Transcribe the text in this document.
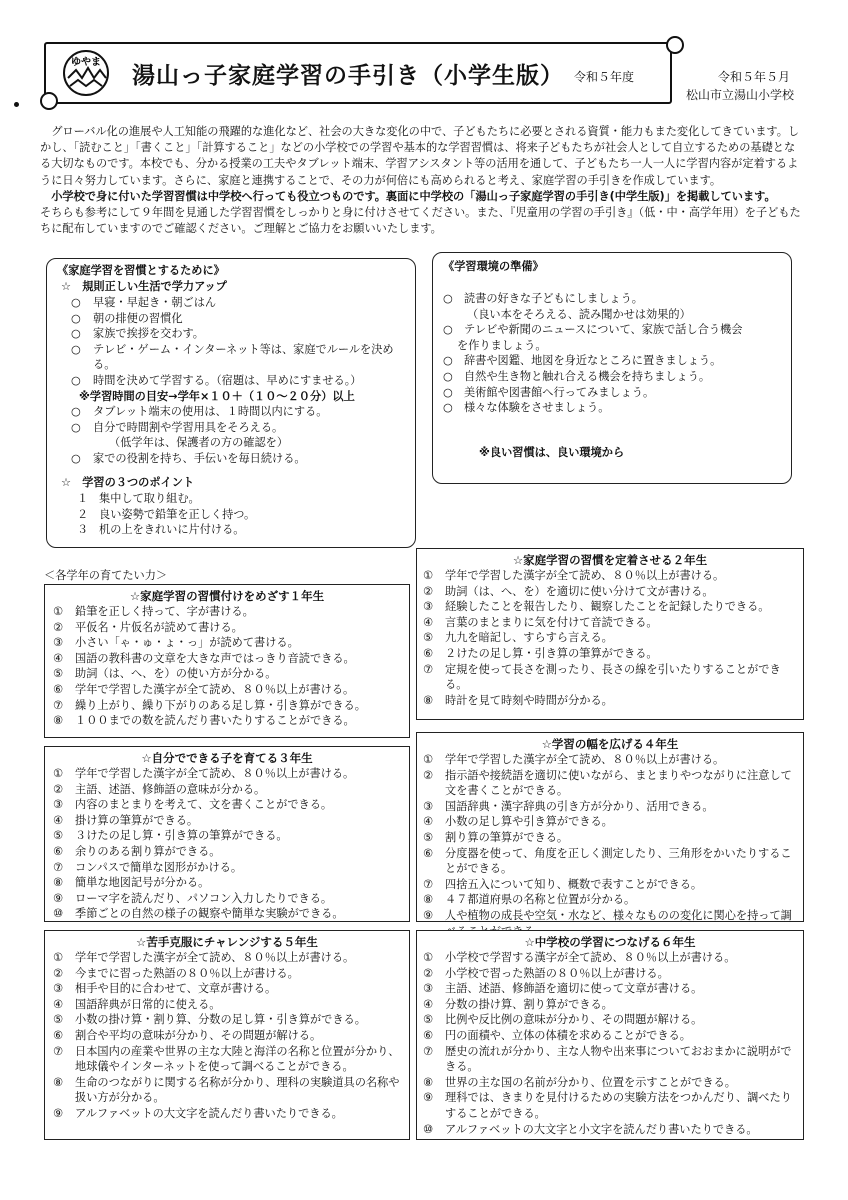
ゆやま
湯山っ子家庭学習の手引き（小学生版） 令和５年度	令和５年５月
松山市立湯山小学校

グローバル化の進展や人工知能の飛躍的な進化など、社会の大きな変化の中で、子どもたちに必要とされる資質・能力もまた変化してきています。しかし、「読むこと」「書くこと」「計算すること」などの小学校での学習や基本的な学習習慣は、将来子どもたちが社会人として自立するための基礎となる大切なものです。本校でも、分かる授業の工夫やタブレット端末、学習アシスタント等の活用を通して、子どもたち一人一人に学習内容が定着するように日々努力しています。さらに、家庭と連携することで、その力が何倍にも高められると考え、家庭学習の手引きを作成しています。

小学校で身に付いた学習習慣は中学校へ行っても役立つものです。裏面に中学校の「湯山っ子家庭学習の手引き(中学生版)」を掲載しています。

そちらも参考にして９年間を見通した学習習慣をしっかりと身に付けさせてください。また、『児童用の学習の手引き』（低・中・高学年用）を子どもたちに配布していますのでご確認ください。ご理解とご協力をお願いいたします。

《家庭学習を習慣とするために》
☆　規則正しい生活で学力アップ
○	早寝・早起き・朝ごはん
○	朝の排便の習慣化
○	家族で挨拶を交わす。
○	テレビ・ゲーム・インターネット等は、家庭でルールを決める。
○	時間を決めて学習する。（宿題は、早めにすませる。）
※学習時間の目安→学年×１０＋（１０～２０分）以上
○	タブレット端末の使用は、１時間以内にする。
○	自分で時間割や学習用具をそろえる。
（低学年は、保護者の方の確認を）
○	家での役割を持ち、手伝いを毎日続ける。
☆　学習の３つのポイント
１ 集中して取り組む。
２ 良い姿勢で鉛筆を正しく持つ。
３ 机の上をきれいに片付ける。
《学習環境の準備》
○　読書の好きな子どもにしましょう。
（良い本をそろえる、読み聞かせは効果的）
○　テレビや新聞のニュースについて、家族で話し合う機会
を作りましょう。
○　辞書や図鑑、地図を身近なところに置きましょう。
○　自然や生き物と触れ合える機会を持ちましょう。
○　美術館や図書館へ行ってみましょう。
○　様々な体験をさせましょう。
※良い習慣は、良い環境から
＜各学年の育てたい力＞
☆家庭学習の習慣付けをめざす１年生
①	鉛筆を正しく持って、字が書ける。
②	平仮名・片仮名が読めて書ける。
③	小さい「ゃ・ゅ・ょ・っ」が読めて書ける。
④	国語の教科書の文章を大きな声ではっきり音読できる。
⑤	助詞（は、へ、を）の使い方が分かる。
⑥	学年で学習した漢字が全て読め、８０％以上が書ける。
⑦	繰り上がり、繰り下がりのある足し算・引き算ができる。
⑧	１００までの数を読んだり書いたりすることができる。
☆家庭学習の習慣を定着させる２年生
①	学年で学習した漢字が全て読め、８０％以上が書ける。
②	助詞（は、へ、を）を適切に使い分けて文が書ける。
③	経験したことを報告したり、観察したことを記録したりできる。
④	言葉のまとまりに気を付けて音読できる。
⑤	九九を暗記し、すらすら言える。
⑥	２けたの足し算・引き算の筆算ができる。
⑦	定規を使って長さを測ったり、長さの線を引いたりすることができる。
⑧	時計を見て時刻や時間が分かる。
☆自分でできる子を育てる３年生
①	学年で学習した漢字が全て読め、８０％以上が書ける。
②	主語、述語、修飾語の意味が分かる。
③	内容のまとまりを考えて、文を書くことができる。
④	掛け算の筆算ができる。
⑤	３けたの足し算・引き算の筆算ができる。
⑥	余りのある割り算ができる。
⑦	コンパスで簡単な図形がかける。
⑧	簡単な地図記号が分かる。
⑨	ローマ字を読んだり、パソコン入力したりできる。
⑩	季節ごとの自然の様子の観察や簡単な実験ができる。
☆学習の幅を広げる４年生
①	学年で学習した漢字が全て読め、８０％以上が書ける。
②	指示語や接続語を適切に使いながら、まとまりやつながりに注意して文を書くことができる。
③	国語辞典・漢字辞典の引き方が分かり、活用できる。
④	小数の足し算や引き算ができる。
⑤	割り算の筆算ができる。
⑥	分度器を使って、角度を正しく測定したり、三角形をかいたりすることができる。
⑦	四捨五入について知り、概数で表すことができる。
⑧	４７都道府県の名称と位置が分かる。
⑨	人や植物の成長や空気・水など、様々なものの変化に関心を持って調
☆苦手克服にチャレンジする５年生
①	学年で学習した漢字が全て読め、８０％以上が書ける。
②	今までに習った熟語の８０％以上が書ける。
③	相手や目的に合わせて、文章が書ける。
④	国語辞典が日常的に使える。
⑤	小数の掛け算・割り算、分数の足し算・引き算ができる。
⑥	割合や平均の意味が分かり、その問題が解ける。
⑦	日本国内の産業や世界の主な大陸と海洋の名称と位置が分かり、地球儀やインターネットを使って調べることができる。
⑧	生命のつながりに関する名称が分かり、理科の実験道具の名称や扱い方が分かる。
⑨	アルファベットの大文字を読んだり書いたりできる。
☆中学校の学習につなげる６年生
①	小学校で学習する漢字が全て読め、８０％以上が書ける。
②	小学校で習った熟語の８０％以上が書ける。
③	主語、述語、修飾語を適切に使って文章が書ける。
④	分数の掛け算、割り算ができる。
⑤	比例や反比例の意味が分かり、その問題が解ける。
⑥	円の面積や、立体の体積を求めることができる。
⑦	歴史の流れが分かり、主な人物や出来事についておおまかに説明ができる。
⑧	世界の主な国の名前が分かり、位置を示すことができる。
⑨	理科では、きまりを見付けるための実験方法をつかんだり、調べたりすることができる。
⑩	アルファベットの大文字と小文字を読んだり書いたりできる。
